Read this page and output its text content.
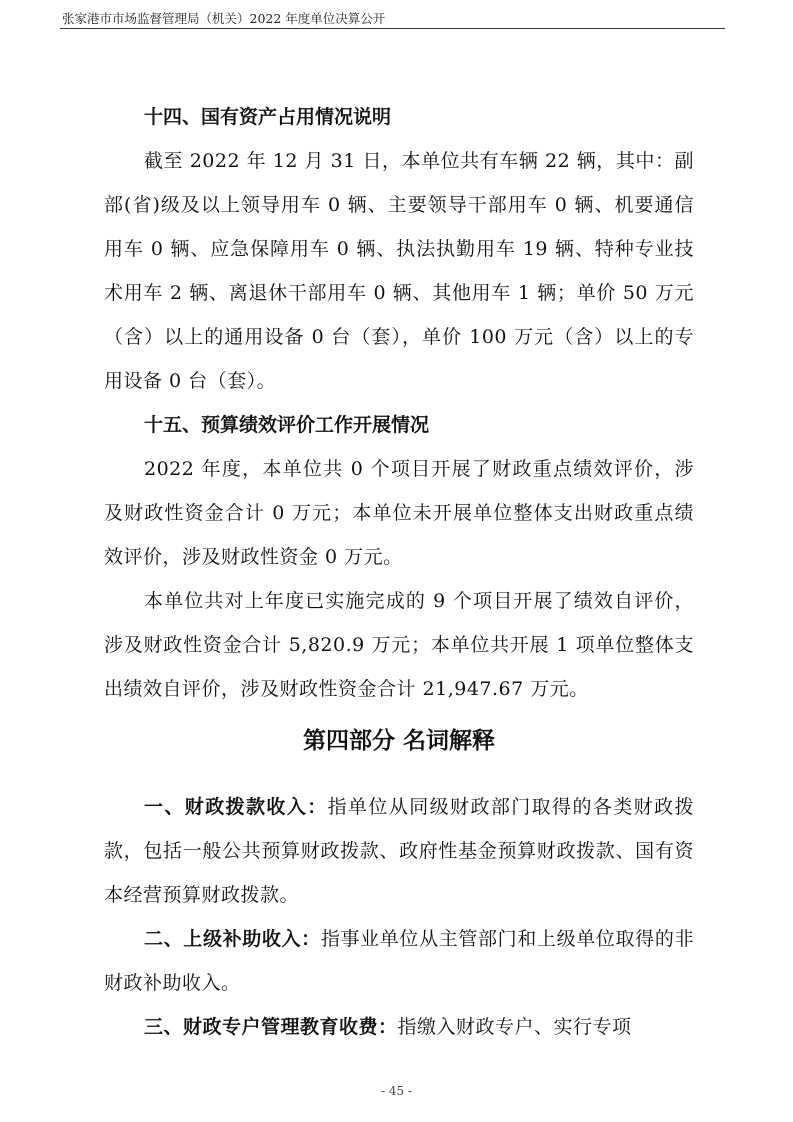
张家港市市场监督管理局（机关）2022 年度单位决算公开
十四、国有资产占用情况说明

截至 2022 年 12 月 31 日，本单位共有车辆 22 辆，其中：副部(省)级及以上领导用车 0 辆、主要领导干部用车 0 辆、机要通信用车 0 辆、应急保障用车 0 辆、执法执勤用车 19 辆、特种专业技术用车 2 辆、离退休干部用车 0 辆、其他用车 1 辆；单价 50 万元（含）以上的通用设备 0 台（套），单价 100 万元（含）以上的专用设备 0 台（套）。

十五、预算绩效评价工作开展情况

2022 年度，本单位共 0 个项目开展了财政重点绩效评价，涉及财政性资金合计 0 万元；本单位未开展单位整体支出财政重点绩效评价，涉及财政性资金 0 万元。

本单位共对上年度已实施完成的 9 个项目开展了绩效自评价，涉及财政性资金合计 5,820.9 万元；本单位共开展 1 项单位整体支出绩效自评价，涉及财政性资金合计 21,947.67 万元。

第四部分 名词解释

一、财政拨款收入：指单位从同级财政部门取得的各类财政拨款，包括一般公共预算财政拨款、政府性基金预算财政拨款、国有资本经营预算财政拨款。

二、上级补助收入：指事业单位从主管部门和上级单位取得的非财政补助收入。

三、财政专户管理教育收费：指缴入财政专户、实行专项

- 45 -
